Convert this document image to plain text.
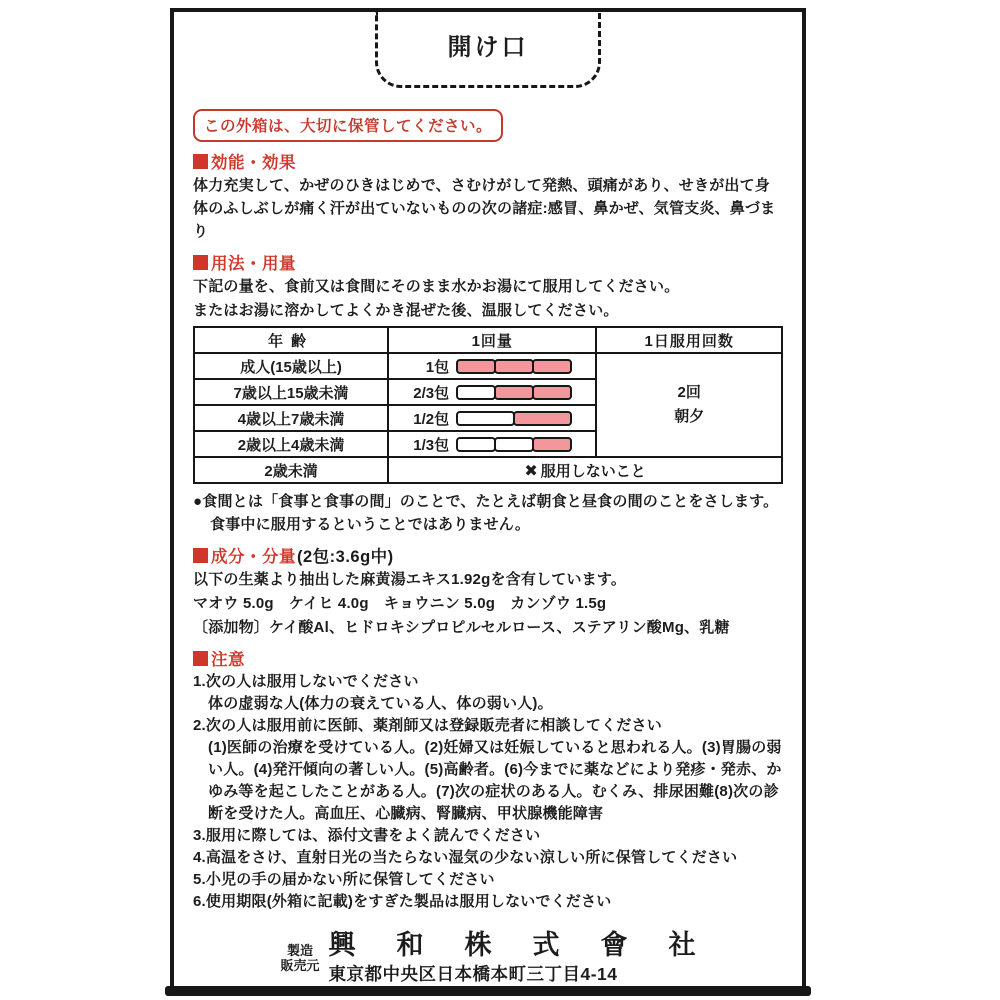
開け口
この外箱は、大切に保管してください。
効能・効果

体力充実して、かぜのひきはじめで、さむけがして発熱、頭痛があり、せきが出て身体のふしぶしが痛く汗が出ていないものの次の諸症:感冒、鼻かぜ、気管支炎、鼻づまり

用法・用量

下記の量を、食前又は食間にそのまま水かお湯にて服用してください。

またはお湯に溶かしてよくかき混ぜた後、温服してください。

年齢	1回量	1日服用回数
成人(15歳以上)	1包	2回
朝夕

7歳以上15歳未満	2/3包	

4歳以上7歳未満	1/2包	

2歳以上4歳未満	1/3包	

2歳未満	✖ 服用しないこと	

●食間とは「食事と食事の間」のことで、たとえば朝食と昼食の間のことをさします。食事中に服用するということではありません。

成分・分量 (2包:3.6g中)

以下の生薬より抽出した麻黄湯エキス1.92gを含有しています。

マオウ 5.0g　ケイヒ 4.0g　キョウニン 5.0g　カンゾウ 1.5g

〔添加物〕ケイ酸Al、ヒドロキシプロピルセルロース、ステアリン酸Mg、乳糖

注意

1.次の人は服用しないでください

体の虚弱な人(体力の衰えている人、体の弱い人)。

2.次の人は服用前に医師、薬剤師又は登録販売者に相談してください

(1)医師の治療を受けている人。(2)妊婦又は妊娠していると思われる人。(3)胃腸の弱い人。(4)発汗傾向の著しい人。(5)高齢者。(6)今までに薬などにより発疹・発赤、かゆみ等を起こしたことがある人。(7)次の症状のある人。むくみ、排尿困難(8)次の診断を受けた人。高血圧、心臓病、腎臓病、甲状腺機能障害

3.服用に際しては、添付文書をよく読んでください

4.高温をさけ、直射日光の当たらない湿気の少ない涼しい所に保管してください

5.小児の手の届かない所に保管してください

6.使用期限(外箱に記載)をすぎた製品は服用しないでください

製造
販売元
興和株式會社
東京都中央区日本橋本町三丁目4-14
